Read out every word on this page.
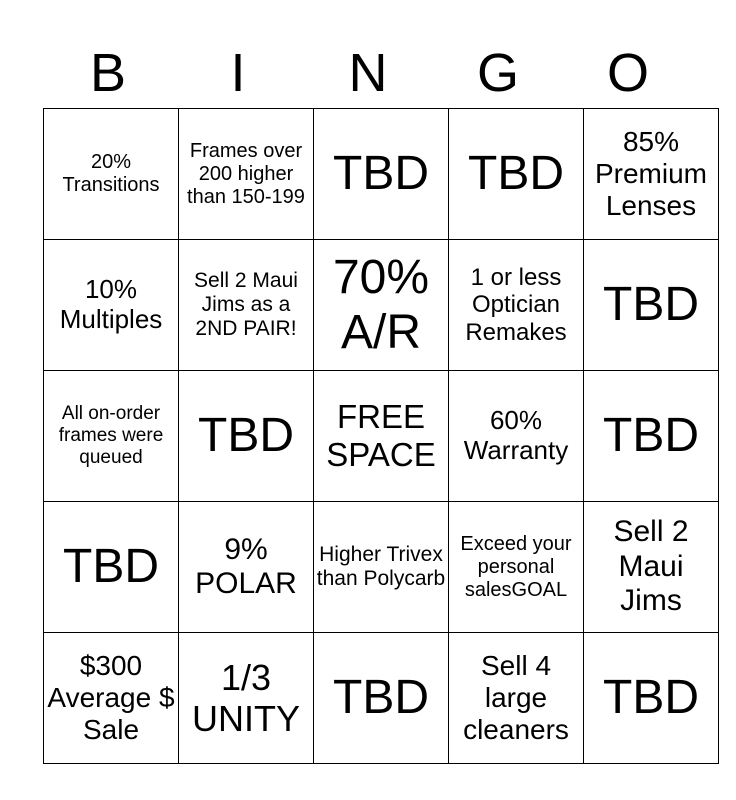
B	I	N	G	O
20% Transitions	Frames over 200 higher than 150-199	TBD	TBD	85% Premium Lenses
10% Multiples	Sell 2 Maui Jims as a 2ND PAIR!	70% A/R	1 or less Optician Remakes	TBD
All on-order frames were queued	TBD	FREE SPACE	60% Warranty	TBD
TBD	9% POLAR	Higher Trivex than Polycarb	Exceed your personal salesGOAL	Sell 2 Maui Jims
$300 Average $ Sale	1/3 UNITY	TBD	Sell 4 large cleaners	TBD
